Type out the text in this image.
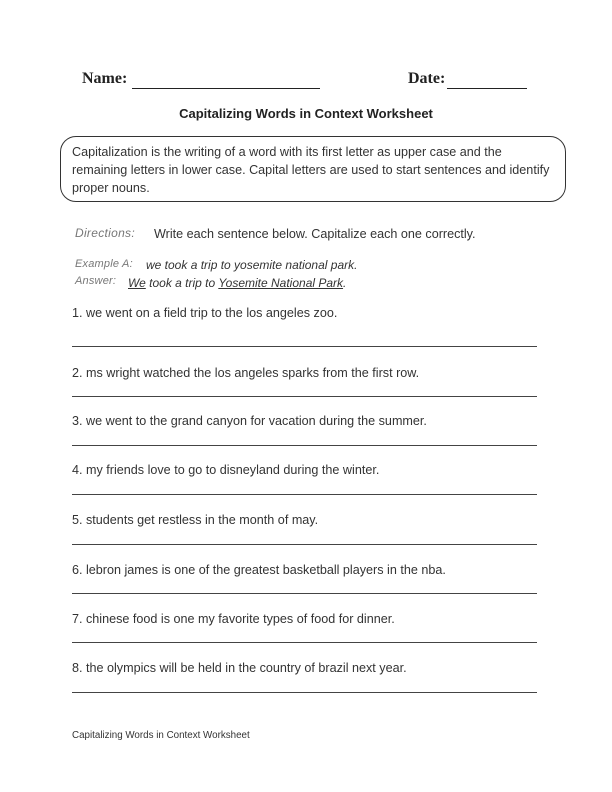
Name:	Date:
Capitalizing Words in Context Worksheet
Capitalization is the writing of a word with its first letter as upper case and the remaining letters in lower case. Capital letters are used to start sentences and identify proper nouns.
Directions: Write each sentence below. Capitalize each one correctly.
Example A: we took a trip to yosemite national park.
Answer: We took a trip to Yosemite National Park.
1. we went on a field trip to the los angeles zoo.
2. ms wright watched the los angeles sparks from the first row.
3. we went to the grand canyon for vacation during the summer.
4. my friends love to go to disneyland during the winter.
5. students get restless in the month of may.
6. lebron james is one of the greatest basketball players in the nba.
7. chinese food is one my favorite types of food for dinner.
8. the olympics will be held in the country of brazil next year.
Capitalizing Words in Context Worksheet
